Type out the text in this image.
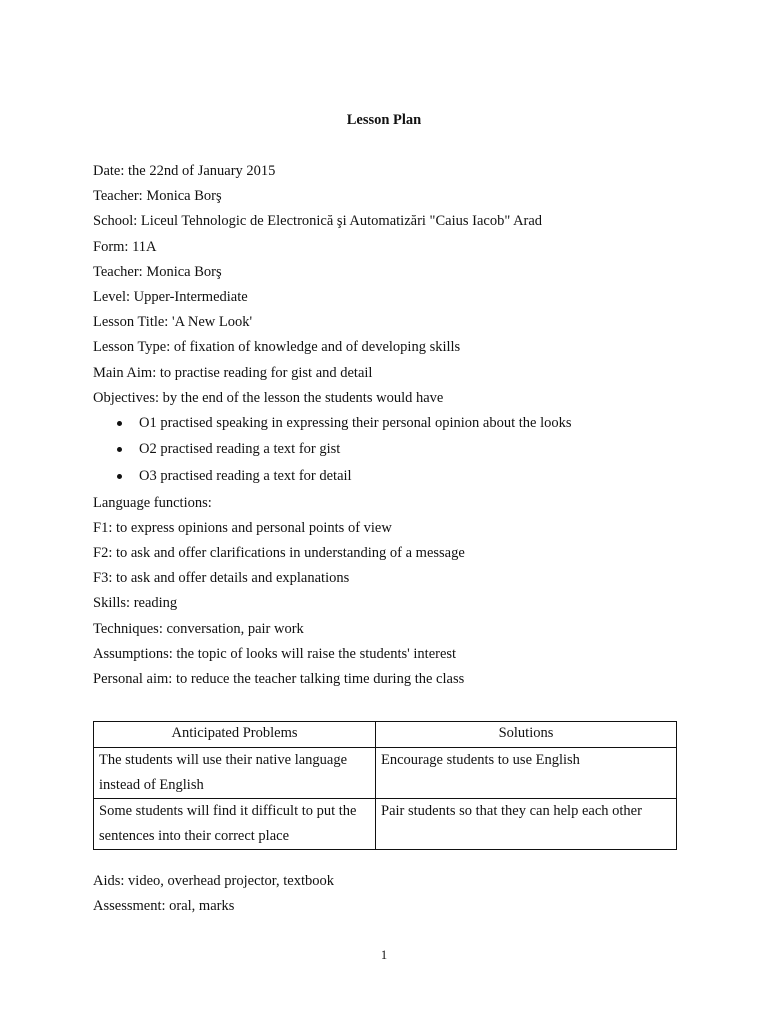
Lesson Plan
Date: the 22nd of January 2015
Teacher: Monica Borş
School: Liceul Tehnologic de Electronică şi Automatizări "Caius Iacob" Arad
Form: 11A
Teacher: Monica Borş
Level: Upper-Intermediate
Lesson Title: 'A New Look'
Lesson Type: of fixation of knowledge and of developing skills
Main Aim: to practise reading for gist and detail
Objectives: by the end of the lesson the students would have
O1 practised speaking in expressing their personal opinion about the looks
O2 practised reading a text for gist
O3 practised reading a text for detail
Language functions:
F1: to express opinions and personal points of view
F2: to ask and offer clarifications in understanding of a message
F3: to ask and offer details and explanations
Skills: reading
Techniques: conversation, pair work
Assumptions: the topic of looks will raise the students' interest
Personal aim: to reduce the teacher talking time during the class
Anticipated Problems	Solutions
The students will use their native language instead of English	Encourage students to use English
Some students will find it difficult to put the sentences into their correct place	Pair students so that they can help each other
Aids: video, overhead projector, textbook
Assessment: oral, marks
1
